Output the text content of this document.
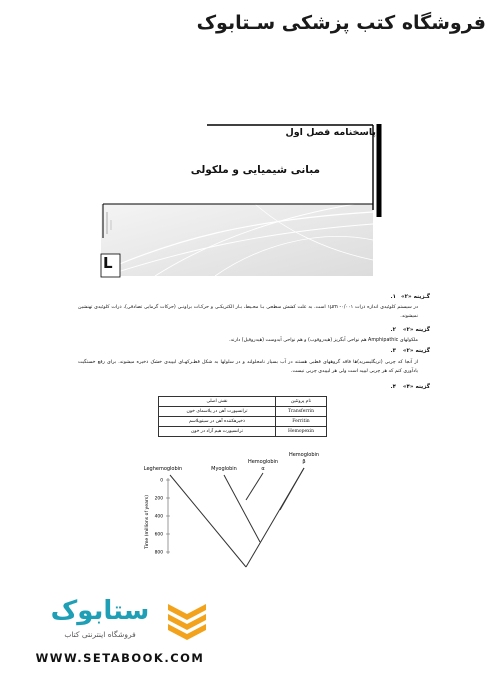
فروشگاه کتب پزشکی سـتابوک
پاسخنامه فصل اول
مبانی شیمیایی و ملکولی
L
.۱ گـزینه «۲»
در سیستم کلوئیدی اندازه ذرات ۱μm -۰/۰۰۱ است. به علت کشش سطحی بـا محـیط، بـار الکتریکـی و حرکـات براونـی (حرکات گرمایی تصادفی)، ذرات کلوئیدی تهنشین نمیشوند.
.۲ گزینه «۲»
ملکولهای Amphipathic هم نواحی آبگریز (هیدروفوب) و هم نواحی آبدوست (هیدروفیل) دارند.
.۳ گزینه «۲»
از آنجا که چربی (تریگلیسرید)ها فاقد گروههای قطبی هستند در آب بسیار نامحلولند و در سلولها به شکل قطـرکهـای لیپیدی خشک ذخیره میشوند. برای رفع خستگیت یادآوری کنم که هر چربی لیپید است ولی هر لیپیدی چربی نیست.
.۴ گزینه «۴»
نام پروتئین	نقش اصلی
Transferrin	ترانسپورت آهن در پلاسمای خون
Ferritin	ذخیرهکننده آهن در سیتوپلاسم
Hemopexin	ترانسپورت هیم آزاد در خون
Leghemoglobin	Myoglobin
Hemoglobin
α
Hemoglobin
β
Time (millions of years)
0
200
400
600
800
ستابوک
فروشگاه اینترنتی کتاب
WWW.SETABOOK.COM
